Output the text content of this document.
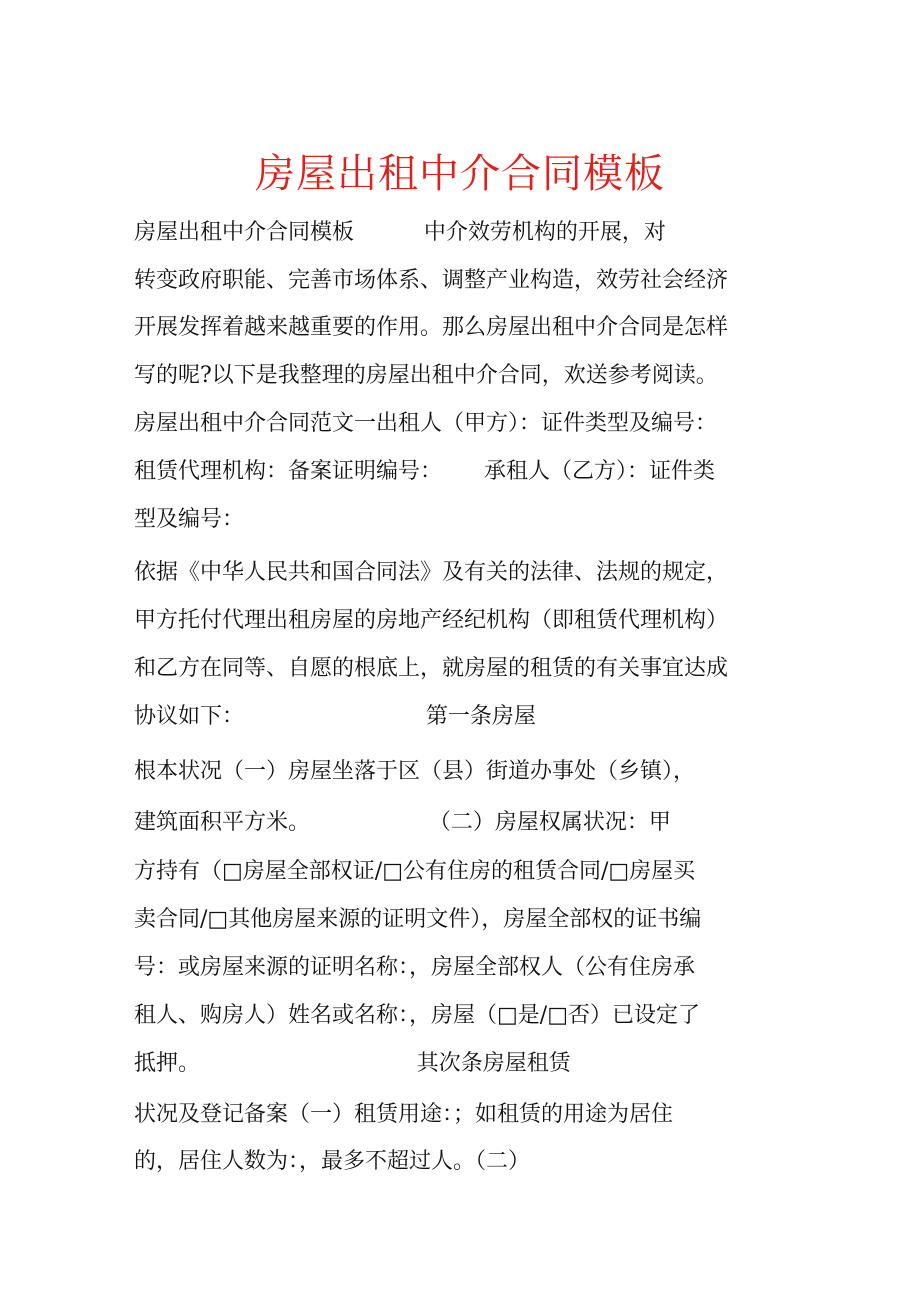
房屋出租中介合同模板
房屋出租中介合同模板          中介效劳机构的开展，对
转变政府职能、完善市场体系、调整产业构造，效劳社会经济
开展发挥着越来越重要的作用。那么房屋出租中介合同是怎样
写的呢?以下是我整理的房屋出租中介合同，欢送参考阅读。
房屋出租中介合同范文一出租人（甲方）：证件类型及编号：
租赁代理机构：备案证明编号：      承租人（乙方）：证件类
型及编号：
依据《中华人民共和国合同法》及有关的法律、法规的规定，
甲方托付代理出租房屋的房地产经纪机构（即租赁代理机构）
和乙方在同等、自愿的根底上，就房屋的租赁的有关事宜达成
协议如下：                          第一条房屋
根本状况（一）房屋坐落于区（县）街道办事处（乡镇），
建筑面积平方米。                 （二）房屋权属状况：甲
方持有（□房屋全部权证/□公有住房的租赁合同/□房屋买
卖合同/□其他房屋来源的证明文件），房屋全部权的证书编
号：或房屋来源的证明名称：，房屋全部权人（公有住房承
租人、购房人）姓名或名称：，房屋（□是/□否）已设定了
抵押。                               其次条房屋租赁
状况及登记备案（一）租赁用途：；如租赁的用途为居住
的，居住人数为：，最多不超过人。（二）
